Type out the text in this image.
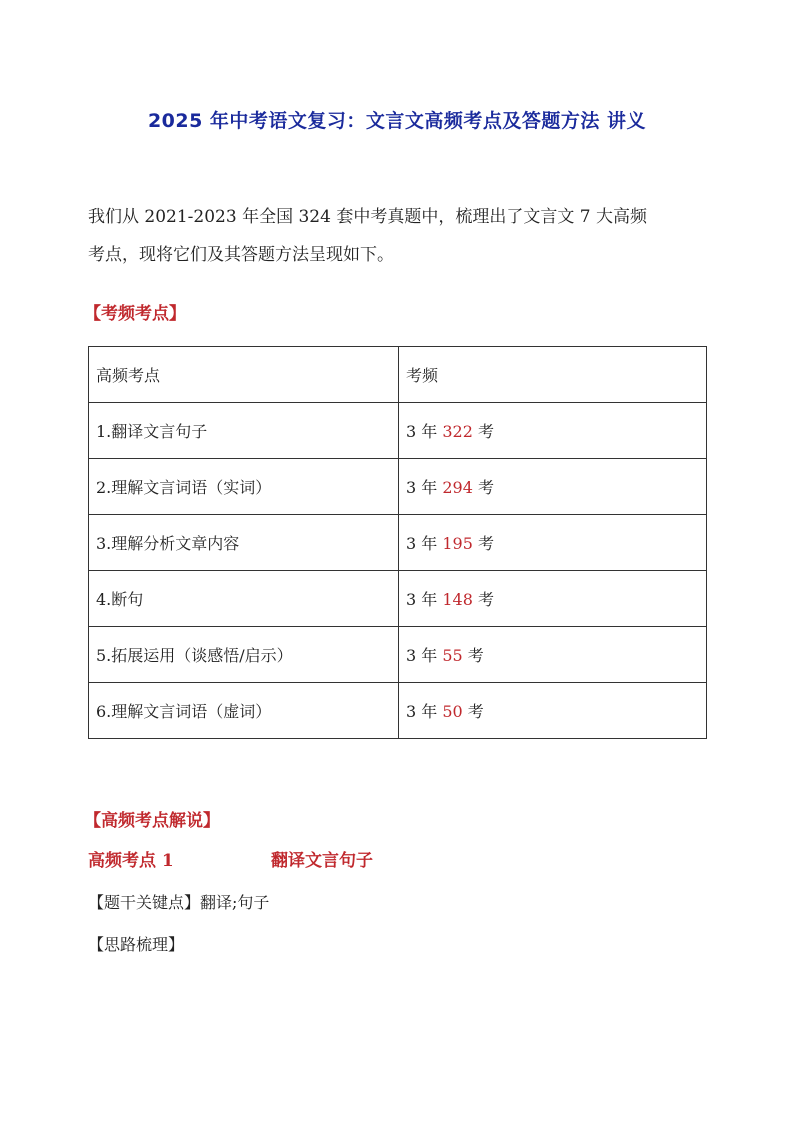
2025 年中考语文复习：文言文高频考点及答题方法 讲义

我们从 2021-2023 年全国 324 套中考真题中，梳理出了文言文 7 大高频

考点，现将它们及其答题方法呈现如下。

【考频考点】
高频考点	考频
1.翻译文言句子	3 年 322 考
2.理解文言词语（实词）	3 年 294 考
3.理解分析文章内容	3 年 195 考
4.断句	3 年 148 考
5.拓展运用（谈感悟/启示）	3 年 55 考
6.理解文言词语（虚词）	3 年 50 考
【高频考点解说】
高频考点 1	翻译文言句子
【题干关键点】翻译;句子
【思路梳理】
